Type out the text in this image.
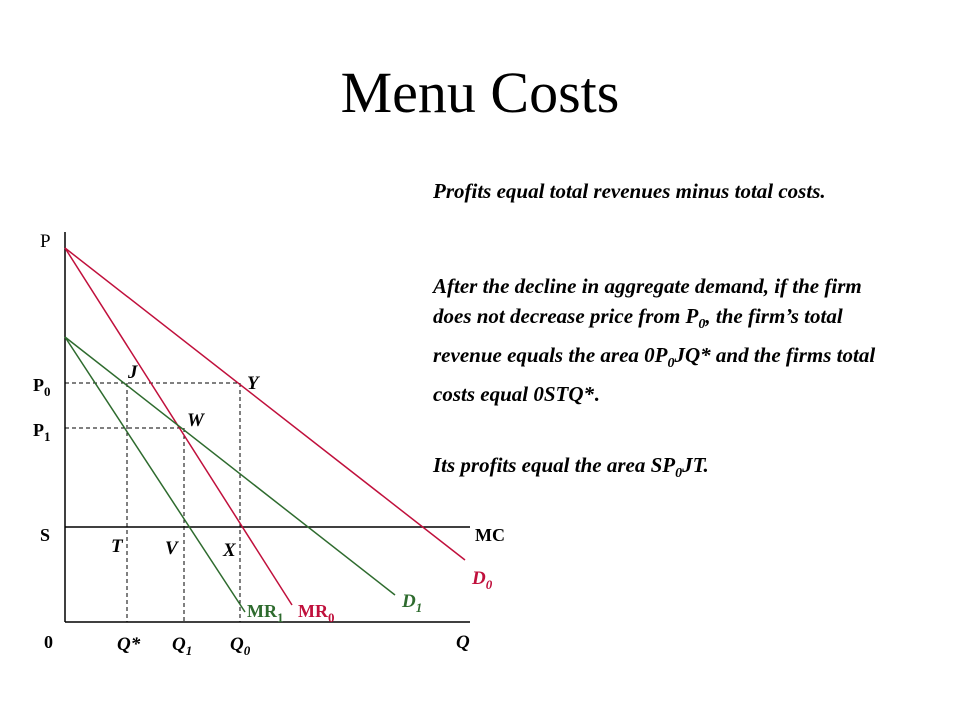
Menu Costs
P
Q
0
$P_0$
$P_1$
S	MC
J
Y
W
T V X
$D_0$
$D_1$
$MR_1$ $MR_0$
Q* $Q_1$ $Q_0$
Profits equal total revenues minus total costs.
After the decline in aggregate demand, if the firm does not decrease price from $P_0$, the firm’s total revenue equals the area $0P_0JQ*$ and the firms total costs equal 0STQ*.
Its profits equal the area $SP_0JT$.
